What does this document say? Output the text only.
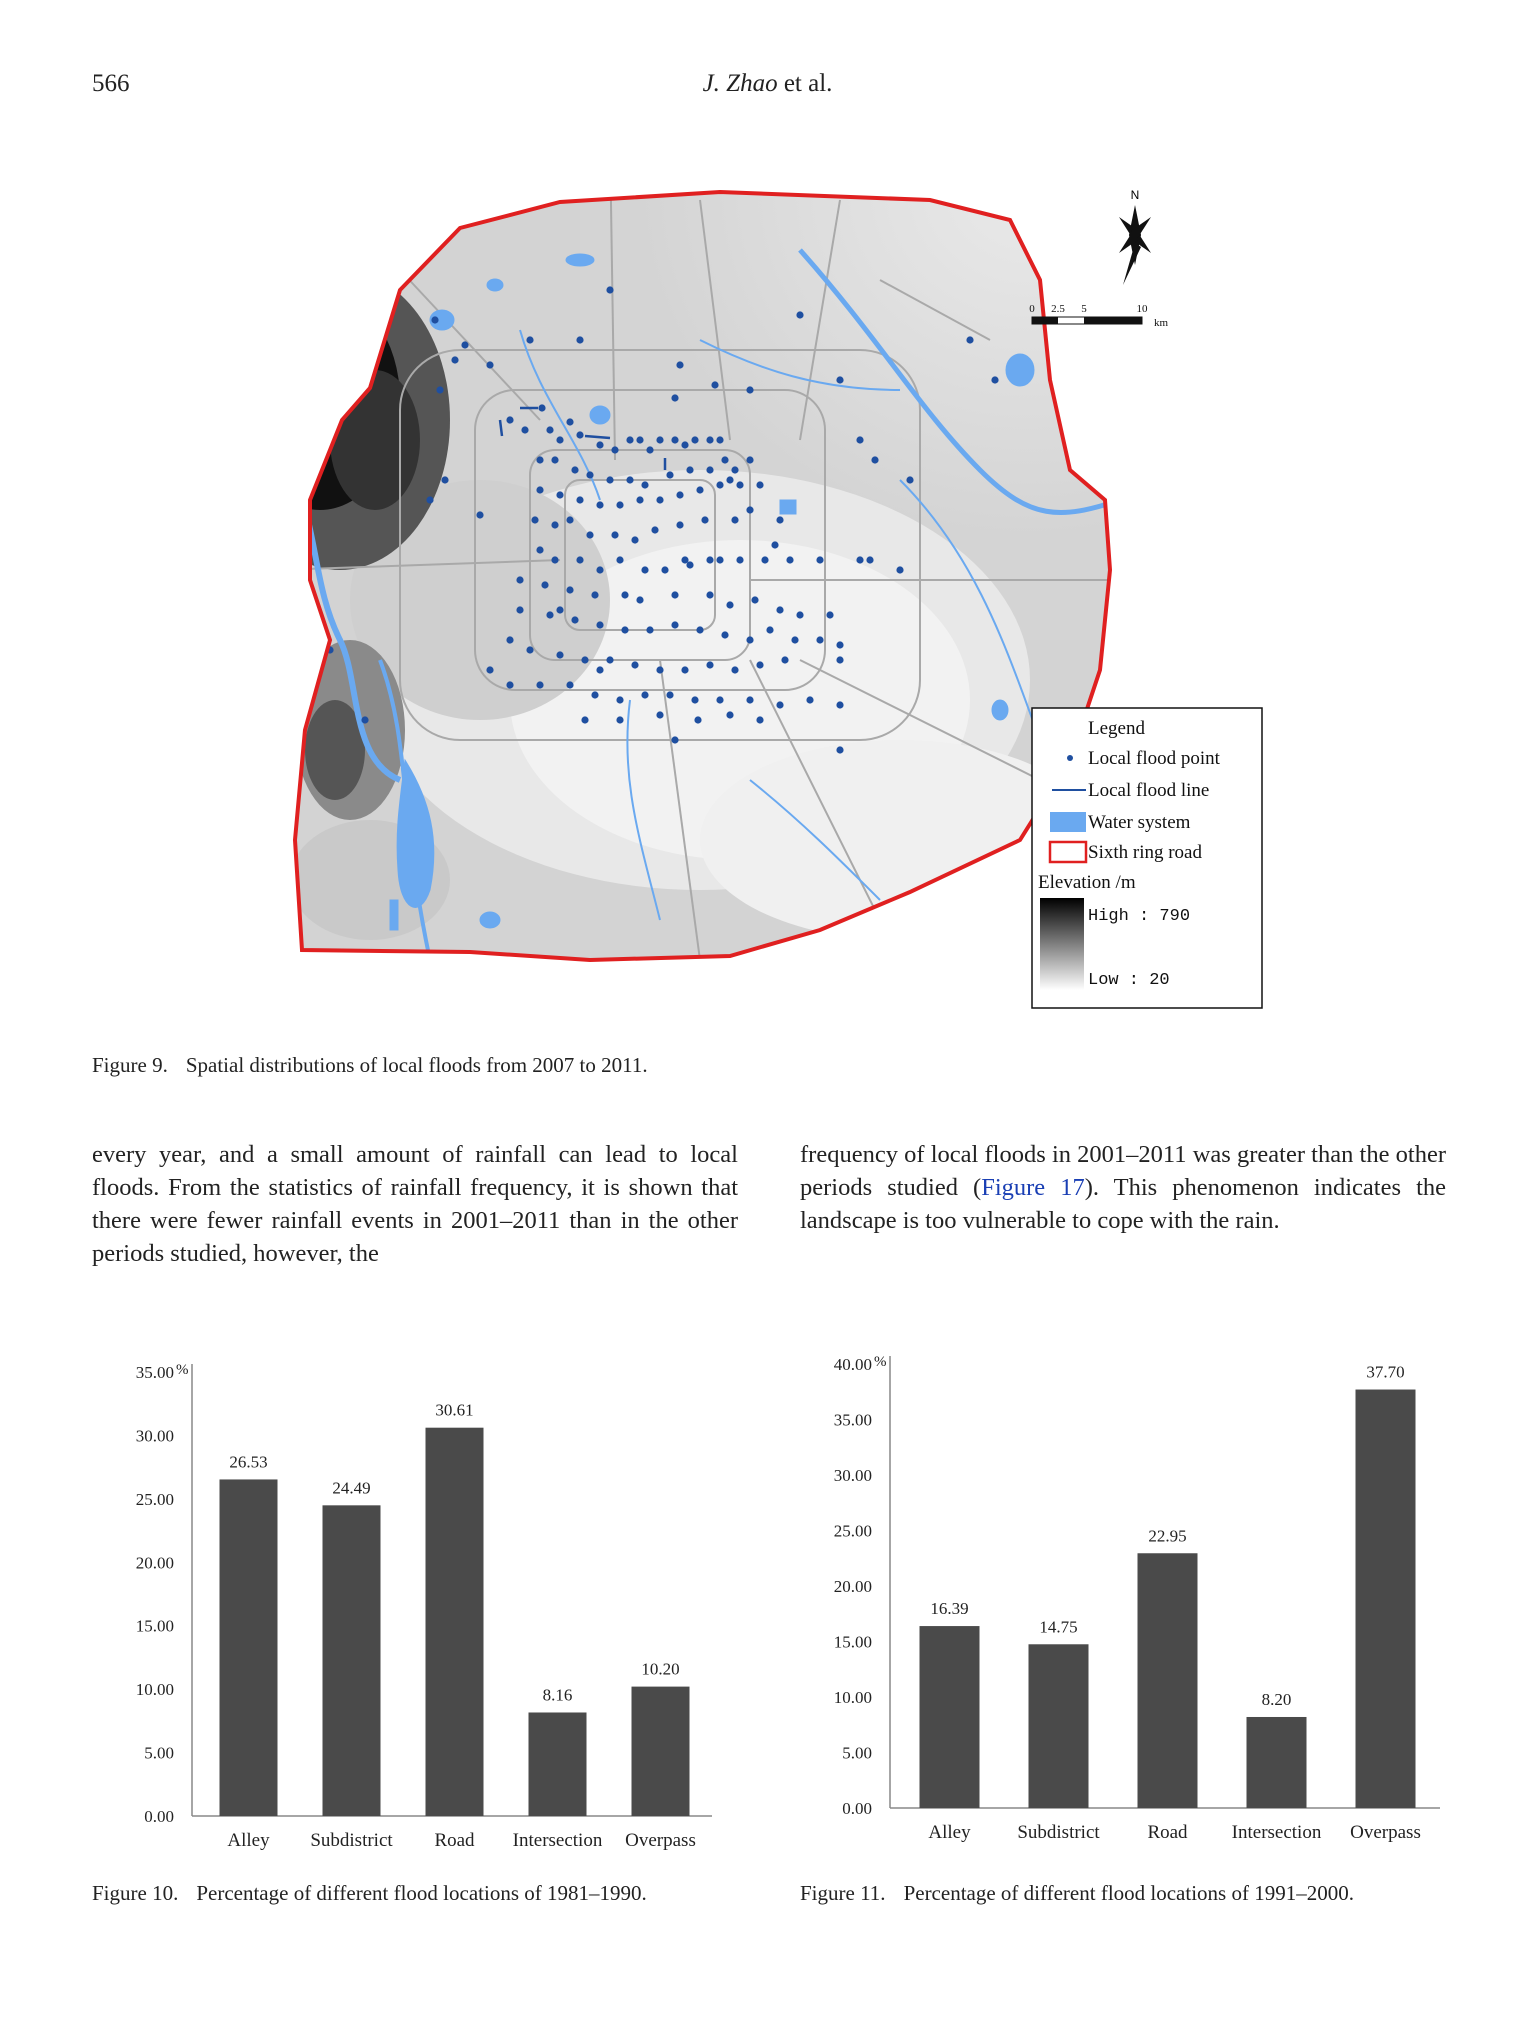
566	J. Zhao et al.
N
0 2.5 5	10
km
Legend
Local flood point
Local flood line
Water system
Sixth ring road
Elevation /m
High : 790
Low : 20
Figure 9. Spatial distributions of local floods from 2007 to 2011.
every year, and a small amount of rainfall can lead to local floods. From the statistics of rainfall frequency, it is shown that there were fewer rainfall events in 2001–2011 than in the other periods studied, however, the
frequency of local floods in 2001–2011 was greater than the other periods studied (Figure 17). This phenomenon indicates the landscape is too vulnerable to cope with the rain.
0.00
5.00
10.00
15.00
20.00
25.00
30.00
35.00 %
26.53
Alley
24.49
Subdistrict
30.61
Road
8.16
Intersection
10.20
Overpass
Figure 10. Percentage of different flood locations of 1981–1990.
0.00
5.00
10.00
15.00
20.00
25.00
30.00
35.00
40.00 %
16.39
Alley
14.75
Subdistrict
22.95
Road
8.20
Intersection
37.70
Overpass
Figure 11. Percentage of different flood locations of 1991–2000.
